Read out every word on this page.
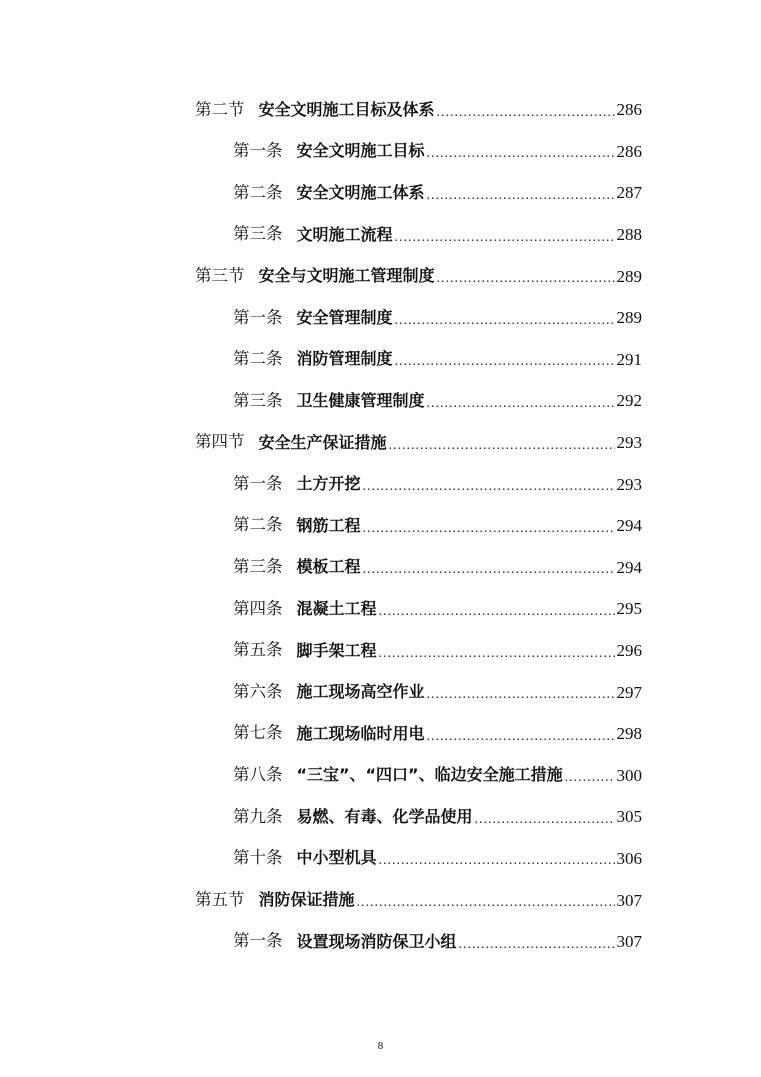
第二节 安全文明施工目标及体系 .....	286
第一条 安全文明施工目标 .....	286
第二条 安全文明施工体系 .....	287
第三条 文明施工流程 .....	288
第三节 安全与文明施工管理制度 .....	289
第一条 安全管理制度 .....	289
第二条 消防管理制度 .....	291
第三条 卫生健康管理制度 .....	292
第四节 安全生产保证措施 .....	293
第一条 土方开挖 .....	293
第二条 钢筋工程 .....	294
第三条 模板工程 .....	294
第四条 混凝土工程 .....	295
第五条 脚手架工程 .....	296
第六条 施工现场高空作业 .....	297
第七条 施工现场临时用电 .....	298
第八条 “三宝”、“四口”、临边安全施工措施 .....	300
第九条 易燃、有毒、化学品使用 .....	305
第十条 中小型机具 .....	306
第五节 消防保证措施 .....	307
第一条 设置现场消防保卫小组 .....	307
8
